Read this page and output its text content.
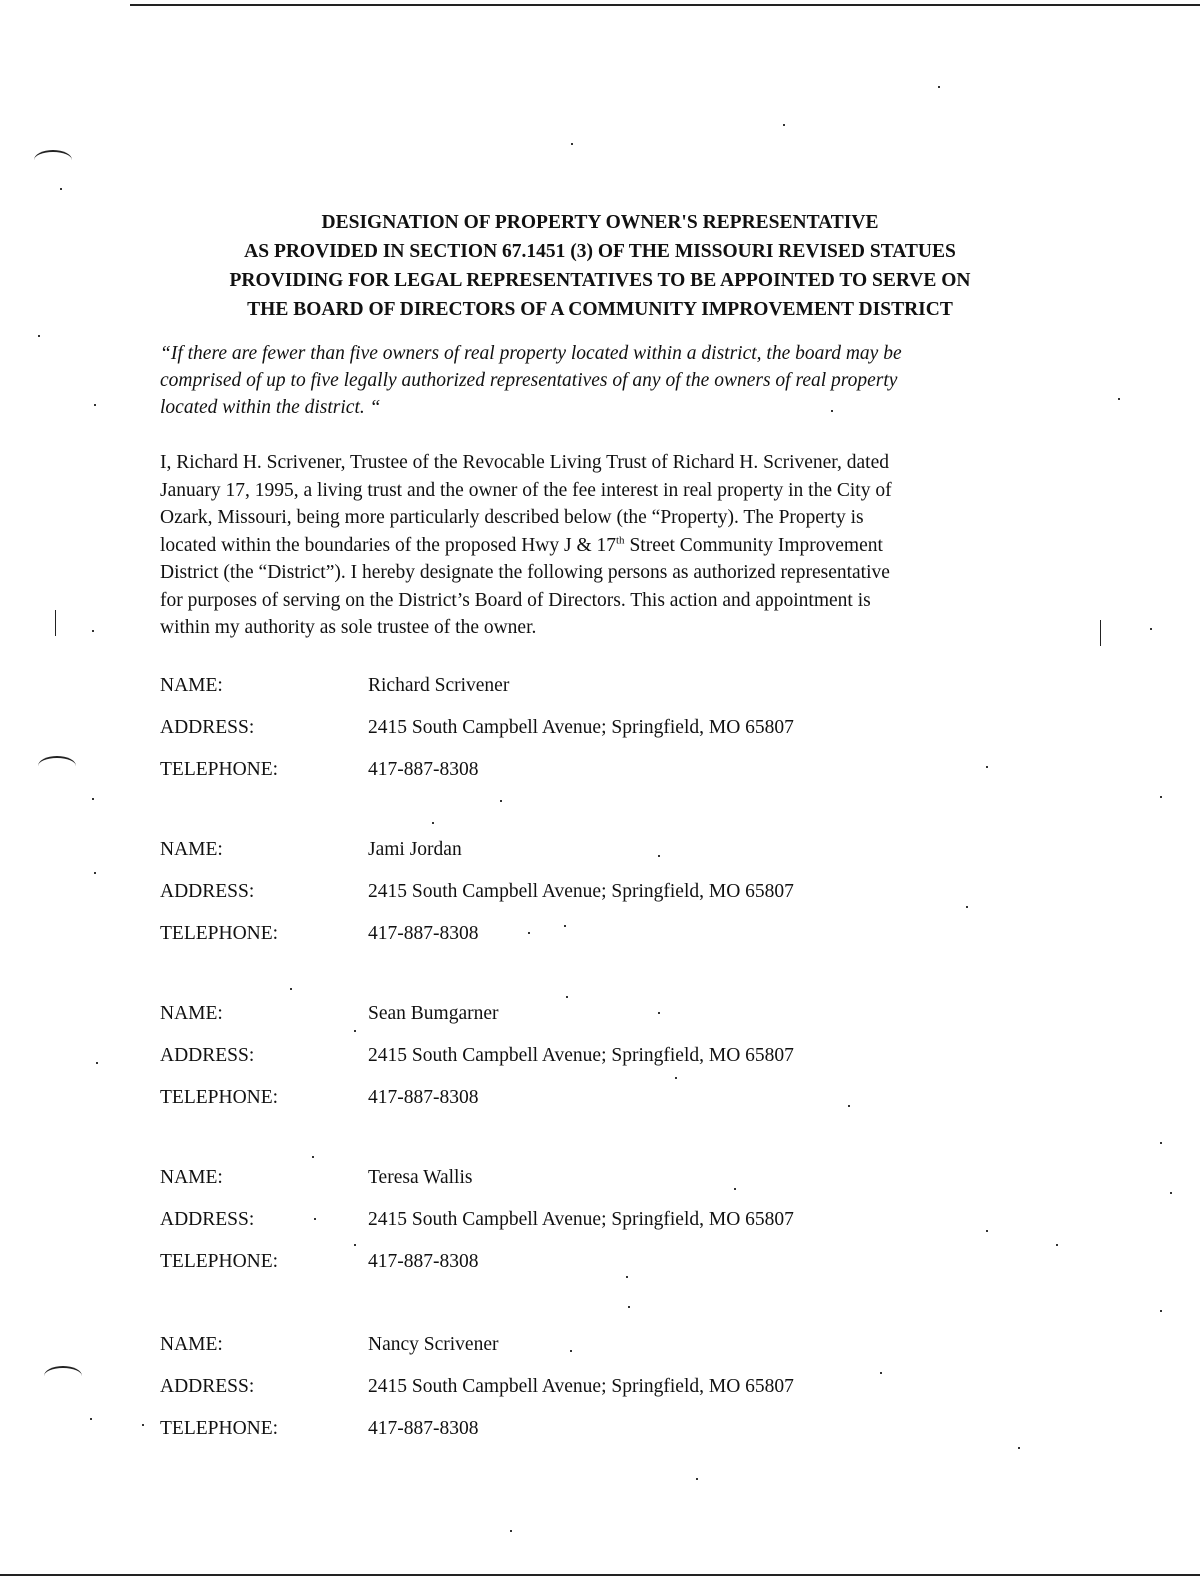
DESIGNATION OF PROPERTY OWNER'S REPRESENTATIVE
AS PROVIDED IN SECTION 67.1451 (3) OF THE MISSOURI REVISED STATUES
PROVIDING FOR LEGAL REPRESENTATIVES TO BE APPOINTED TO SERVE ON
THE BOARD OF DIRECTORS OF A COMMUNITY IMPROVEMENT DISTRICT
“If there are fewer than five owners of real property located within a district, the board may be
comprised of up to five legally authorized representatives of any of the owners of real property
located within the district. “
I, Richard H. Scrivener, Trustee of the Revocable Living Trust of Richard H. Scrivener, dated
January 17, 1995, a living trust and the owner of the fee interest in real property in the City of
Ozark, Missouri, being more particularly described below (the “Property). The Property is
located within the boundaries of the proposed Hwy J & 17th Street Community Improvement
District (the “District”). I hereby designate the following persons as authorized representative
for purposes of serving on the District’s Board of Directors. This action and appointment is
within my authority as sole trustee of the owner.
NAME:	Richard Scrivener
ADDRESS:	2415 South Campbell Avenue; Springfield, MO 65807
TELEPHONE:	417-887-8308
NAME:	Jami Jordan
ADDRESS:	2415 South Campbell Avenue; Springfield, MO 65807
TELEPHONE:	417-887-8308
NAME:	Sean Bumgarner
ADDRESS:	2415 South Campbell Avenue; Springfield, MO 65807
TELEPHONE:	417-887-8308
NAME:	Teresa Wallis
ADDRESS:	2415 South Campbell Avenue; Springfield, MO 65807
TELEPHONE:	417-887-8308
NAME:	Nancy Scrivener
ADDRESS:	2415 South Campbell Avenue; Springfield, MO 65807
TELEPHONE:	417-887-8308
